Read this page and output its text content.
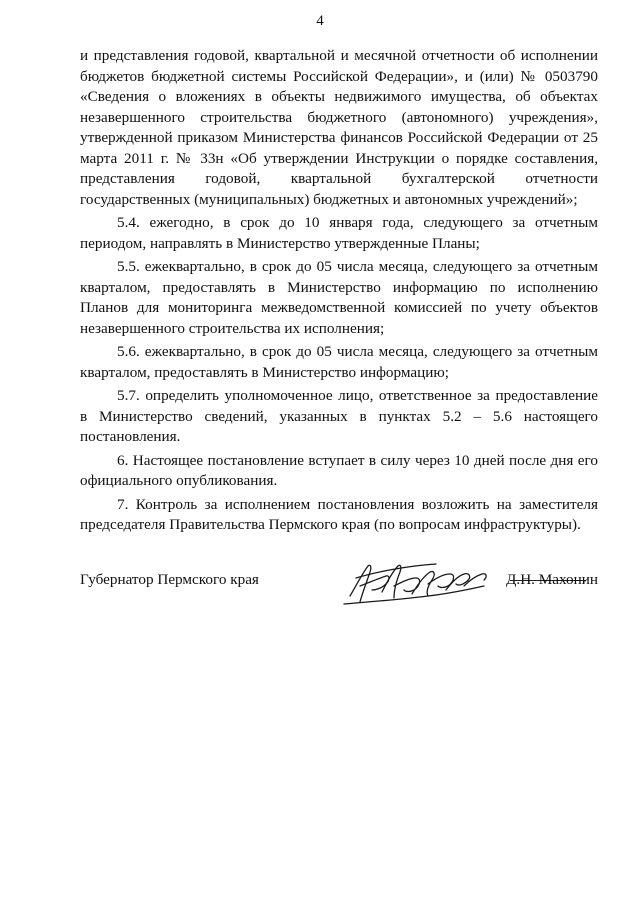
4

и представления годовой, квартальной и месячной отчетности об исполнении бюджетов бюджетной системы Российской Федерации», и (или) № 0503790 «Сведения о вложениях в объекты недвижимого имущества, об объектах незавершенного строительства бюджетного (автономного) учреждения», утвержденной приказом Министерства финансов Российской Федерации от 25 марта 2011 г. № 33н «Об утверждении Инструкции о порядке составления, представления годовой, квартальной бухгалтерской отчетности государственных (муниципальных) бюджетных и автономных учреждений»;

5.4. ежегодно, в срок до 10 января года, следующего за отчетным периодом, направлять в Министерство утвержденные Планы;

5.5. ежеквартально, в срок до 05 числа месяца, следующего за отчетным кварталом, предоставлять в Министерство информацию по исполнению Планов для мониторинга межведомственной комиссией по учету объектов незавершенного строительства их исполнения;

5.6. ежеквартально, в срок до 05 числа месяца, следующего за отчетным кварталом, предоставлять в Министерство информацию;

5.7. определить уполномоченное лицо, ответственное за предоставление в Министерство сведений, указанных в пунктах 5.2 – 5.6 настоящего постановления.

6. Настоящее постановление вступает в силу через 10 дней после дня его официального опубликования.

7. Контроль за исполнением постановления возложить на заместителя председателя Правительства Пермского края (по вопросам инфраструктуры).

Губернатор Пермского края	Д.Н. Махонин
